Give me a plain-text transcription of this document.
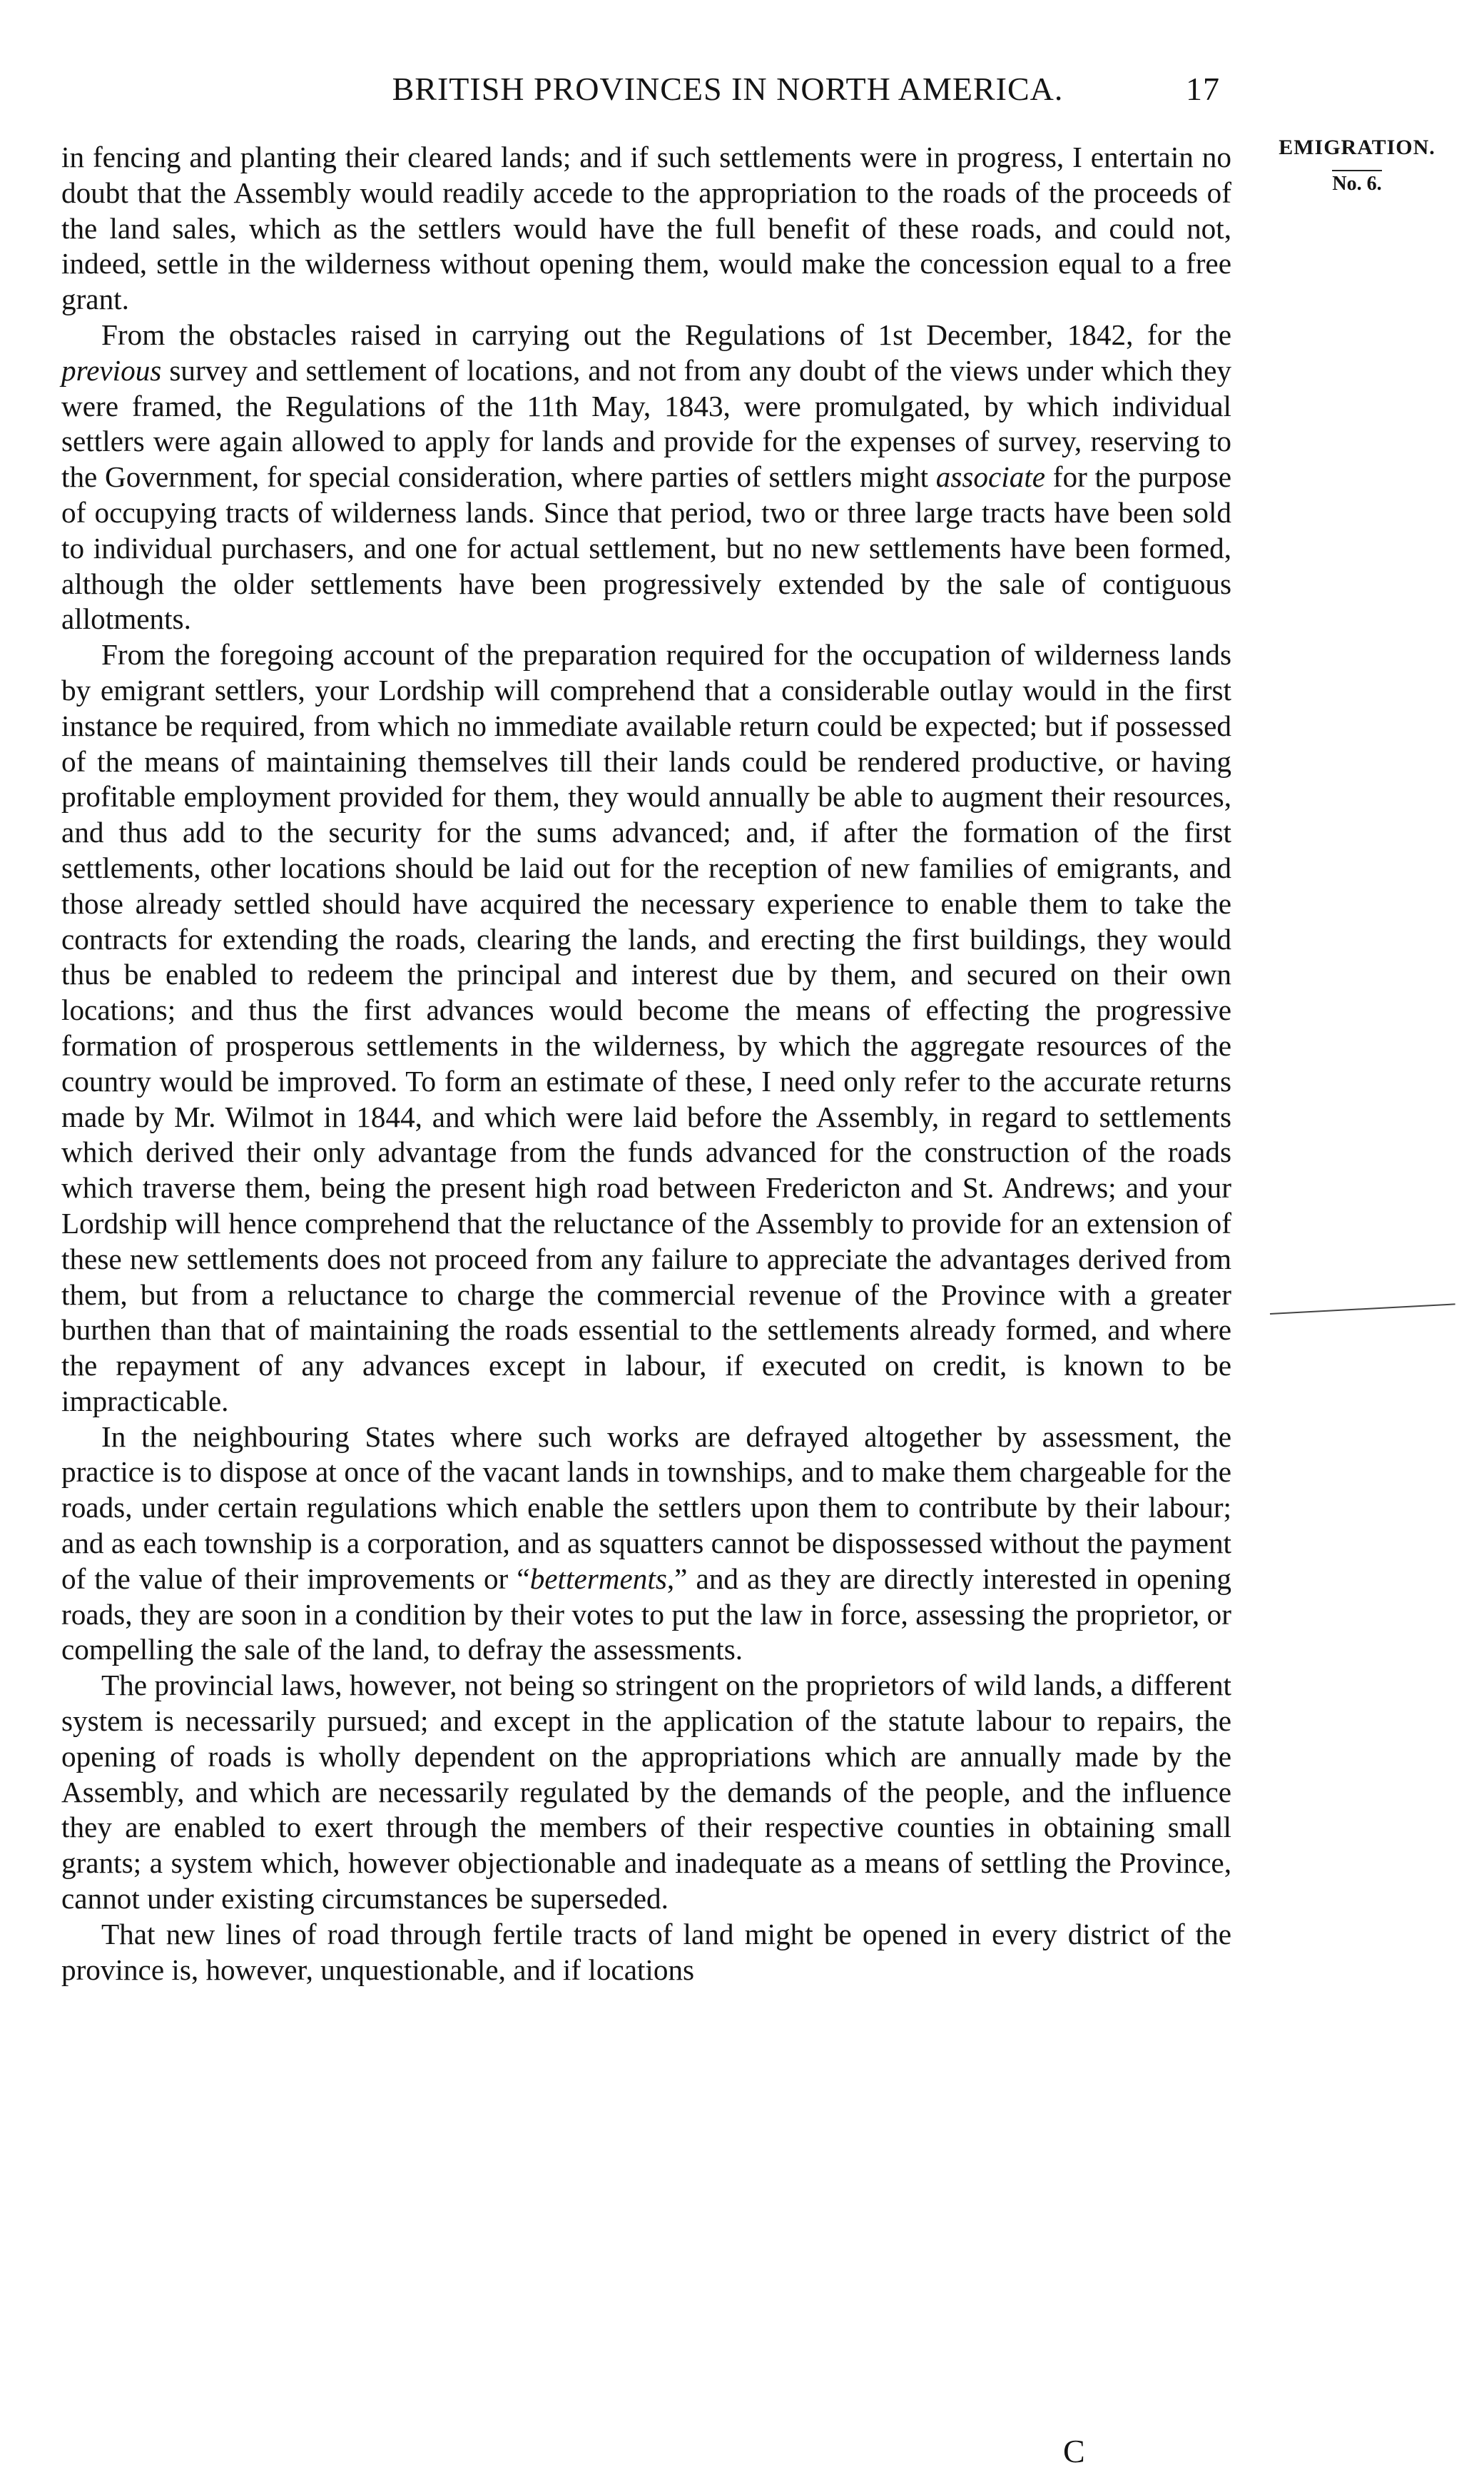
BRITISH PROVINCES IN NORTH AMERICA.	17
EMIGRATION.
No. 6.

in fencing and planting their cleared lands; and if such settlements were in progress, I entertain no doubt that the Assembly would readily accede to the appropriation to the roads of the proceeds of the land sales, which as the settlers would have the full benefit of these roads, and could not, indeed, settle in the wilderness without opening them, would make the concession equal to a free grant.

From the obstacles raised in carrying out the Regulations of 1st December, 1842, for the previous survey and settlement of locations, and not from any doubt of the views under which they were framed, the Regulations of the 11th May, 1843, were promulgated, by which individual settlers were again allowed to apply for lands and provide for the expenses of survey, reserving to the Government, for special consideration, where parties of settlers might associate for the purpose of occupying tracts of wilderness lands. Since that period, two or three large tracts have been sold to individual purchasers, and one for actual settlement, but no new settlements have been formed, although the older settlements have been progressively extended by the sale of contiguous allotments.

From the foregoing account of the preparation required for the occupation of wilderness lands by emigrant settlers, your Lordship will comprehend that a considerable outlay would in the first instance be required, from which no immediate available return could be expected; but if possessed of the means of maintaining themselves till their lands could be rendered productive, or having profitable employment provided for them, they would annually be able to augment their resources, and thus add to the security for the sums advanced; and, if after the formation of the first settlements, other locations should be laid out for the reception of new families of emigrants, and those already settled should have acquired the necessary experience to enable them to take the contracts for extending the roads, clearing the lands, and erecting the first buildings, they would thus be enabled to redeem the principal and interest due by them, and secured on their own locations; and thus the first advances would become the means of effecting the progressive formation of prosperous settlements in the wilderness, by which the aggregate resources of the country would be improved. To form an estimate of these, I need only refer to the accurate returns made by Mr. Wilmot in 1844, and which were laid before the Assembly, in regard to settlements which derived their only advantage from the funds advanced for the construction of the roads which traverse them, being the present high road between Fredericton and St. Andrews; and your Lordship will hence comprehend that the reluctance of the Assembly to provide for an extension of these new settlements does not proceed from any failure to appreciate the advantages derived from them, but from a reluctance to charge the commercial revenue of the Province with a greater burthen than that of maintaining the roads essential to the settlements already formed, and where the repayment of any advances except in labour, if executed on credit, is known to be impracticable.

In the neighbouring States where such works are defrayed altogether by assessment, the practice is to dispose at once of the vacant lands in townships, and to make them chargeable for the roads, under certain regulations which enable the settlers upon them to contribute by their labour; and as each township is a corporation, and as squatters cannot be dispossessed without the payment of the value of their improvements or “betterments,” and as they are directly interested in opening roads, they are soon in a condition by their votes to put the law in force, assessing the proprietor, or compelling the sale of the land, to defray the assessments.

The provincial laws, however, not being so stringent on the proprietors of wild lands, a different system is necessarily pursued; and except in the application of the statute labour to repairs, the opening of roads is wholly dependent on the appropriations which are annually made by the Assembly, and which are necessarily regulated by the demands of the people, and the influence they are enabled to exert through the members of their respective counties in obtaining small grants; a system which, however objectionable and inadequate as a means of settling the Province, cannot under existing circumstances be superseded.

That new lines of road through fertile tracts of land might be opened in every district of the province is, however, unquestionable, and if locations

C
